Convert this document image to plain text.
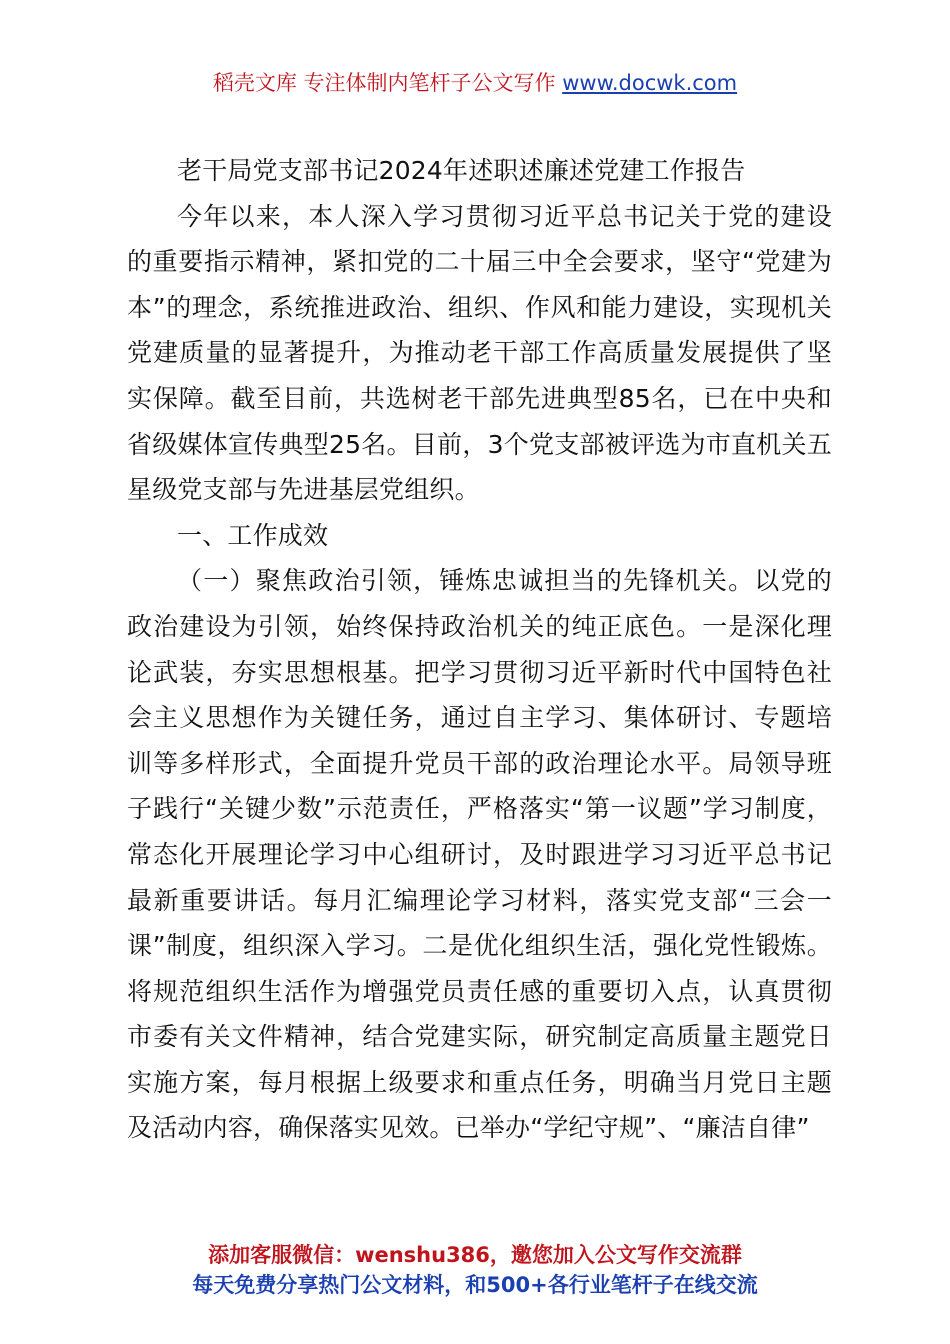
稻壳文库 专注体制内笔杆子公文写作 www.docwk.com

老干局党支部书记2024年述职述廉述党建工作报告

今年以来，本人深入学习贯彻习近平总书记关于党的建设的重要指示精神，紧扣党的二十届三中全会要求，坚守“党建为本”的理念，系统推进政治、组织、作风和能力建设，实现机关党建质量的显著提升，为推动老干部工作高质量发展提供了坚实保障。截至目前，共选树老干部先进典型85名，已在中央和省级媒体宣传典型25名。目前，3个党支部被评选为市直机关五星级党支部与先进基层党组织。

一、工作成效

（一）聚焦政治引领，锤炼忠诚担当的先锋机关。以党的政治建设为引领，始终保持政治机关的纯正底色。一是深化理论武装，夯实思想根基。把学习贯彻习近平新时代中国特色社会主义思想作为关键任务，通过自主学习、集体研讨、专题培训等多样形式，全面提升党员干部的政治理论水平。局领导班子践行“关键少数”示范责任，严格落实“第一议题”学习制度，常态化开展理论学习中心组研讨，及时跟进学习习近平总书记最新重要讲话。每月汇编理论学习材料，落实党支部“三会一课”制度，组织深入学习。二是优化组织生活，强化党性锻炼。将规范组织生活作为增强党员责任感的重要切入点，认真贯彻市委有关文件精神，结合党建实际，研究制定高质量主题党日实施方案，每月根据上级要求和重点任务，明确当月党日主题及活动内容，确保落实见效。已举办“学纪守规”、“廉洁自律”

添加客服微信：wenshu386，邀您加入公文写作交流群
每天免费分享热门公文材料，和500+各行业笔杆子在线交流
